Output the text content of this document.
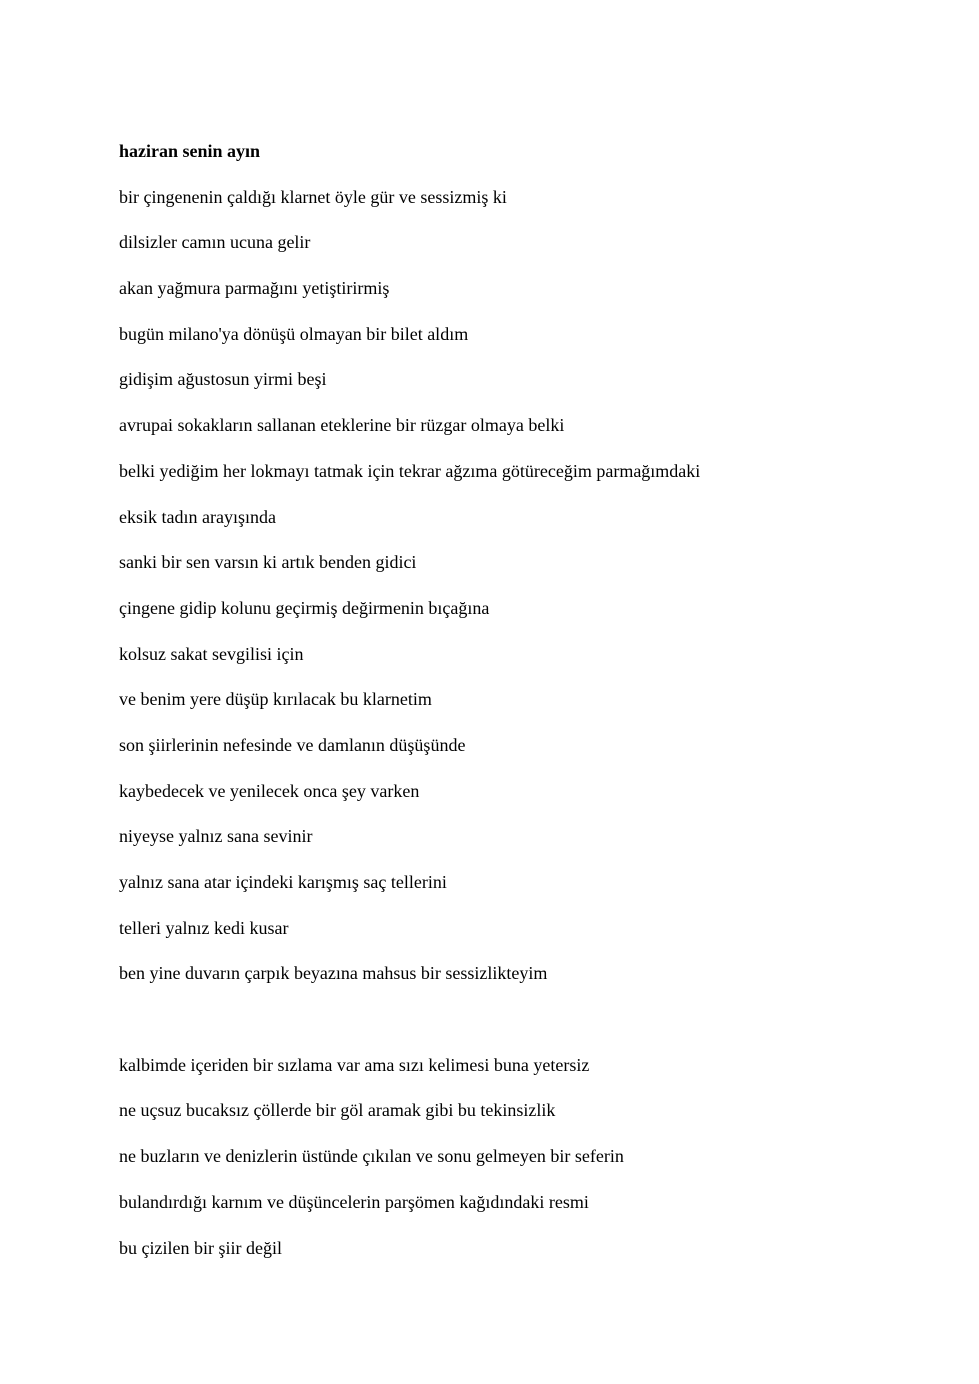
haziran senin ayın
bir çingenenin çaldığı klarnet öyle gür ve sessizmiş ki
dilsizler camın ucuna gelir
akan yağmura parmağını yetiştirirmiş
bugün milano'ya dönüşü olmayan bir bilet aldım
gidişim ağustosun yirmi beşi
avrupai sokakların sallanan eteklerine bir rüzgar olmaya belki
belki yediğim her lokmayı tatmak için tekrar ağzıma götüreceğim parmağımdaki
eksik tadın arayışında
sanki bir sen varsın ki artık benden gidici
çingene gidip kolunu geçirmiş değirmenin bıçağına
kolsuz sakat sevgilisi için
ve benim yere düşüp kırılacak bu klarnetim
son şiirlerinin nefesinde ve damlanın düşüşünde
kaybedecek ve yenilecek onca şey varken
niyeyse yalnız sana sevinir
yalnız sana atar içindeki karışmış saç tellerini
telleri yalnız kedi kusar
ben yine duvarın çarpık beyazına mahsus bir sessizlikteyim
kalbimde içeriden bir sızlama var ama sızı kelimesi buna yetersiz
ne uçsuz bucaksız çöllerde bir göl aramak gibi bu tekinsizlik
ne buzların ve denizlerin üstünde çıkılan ve sonu gelmeyen bir seferin
bulandırdığı karnım ve düşüncelerin parşömen kağıdındaki resmi
bu çizilen bir şiir değil
